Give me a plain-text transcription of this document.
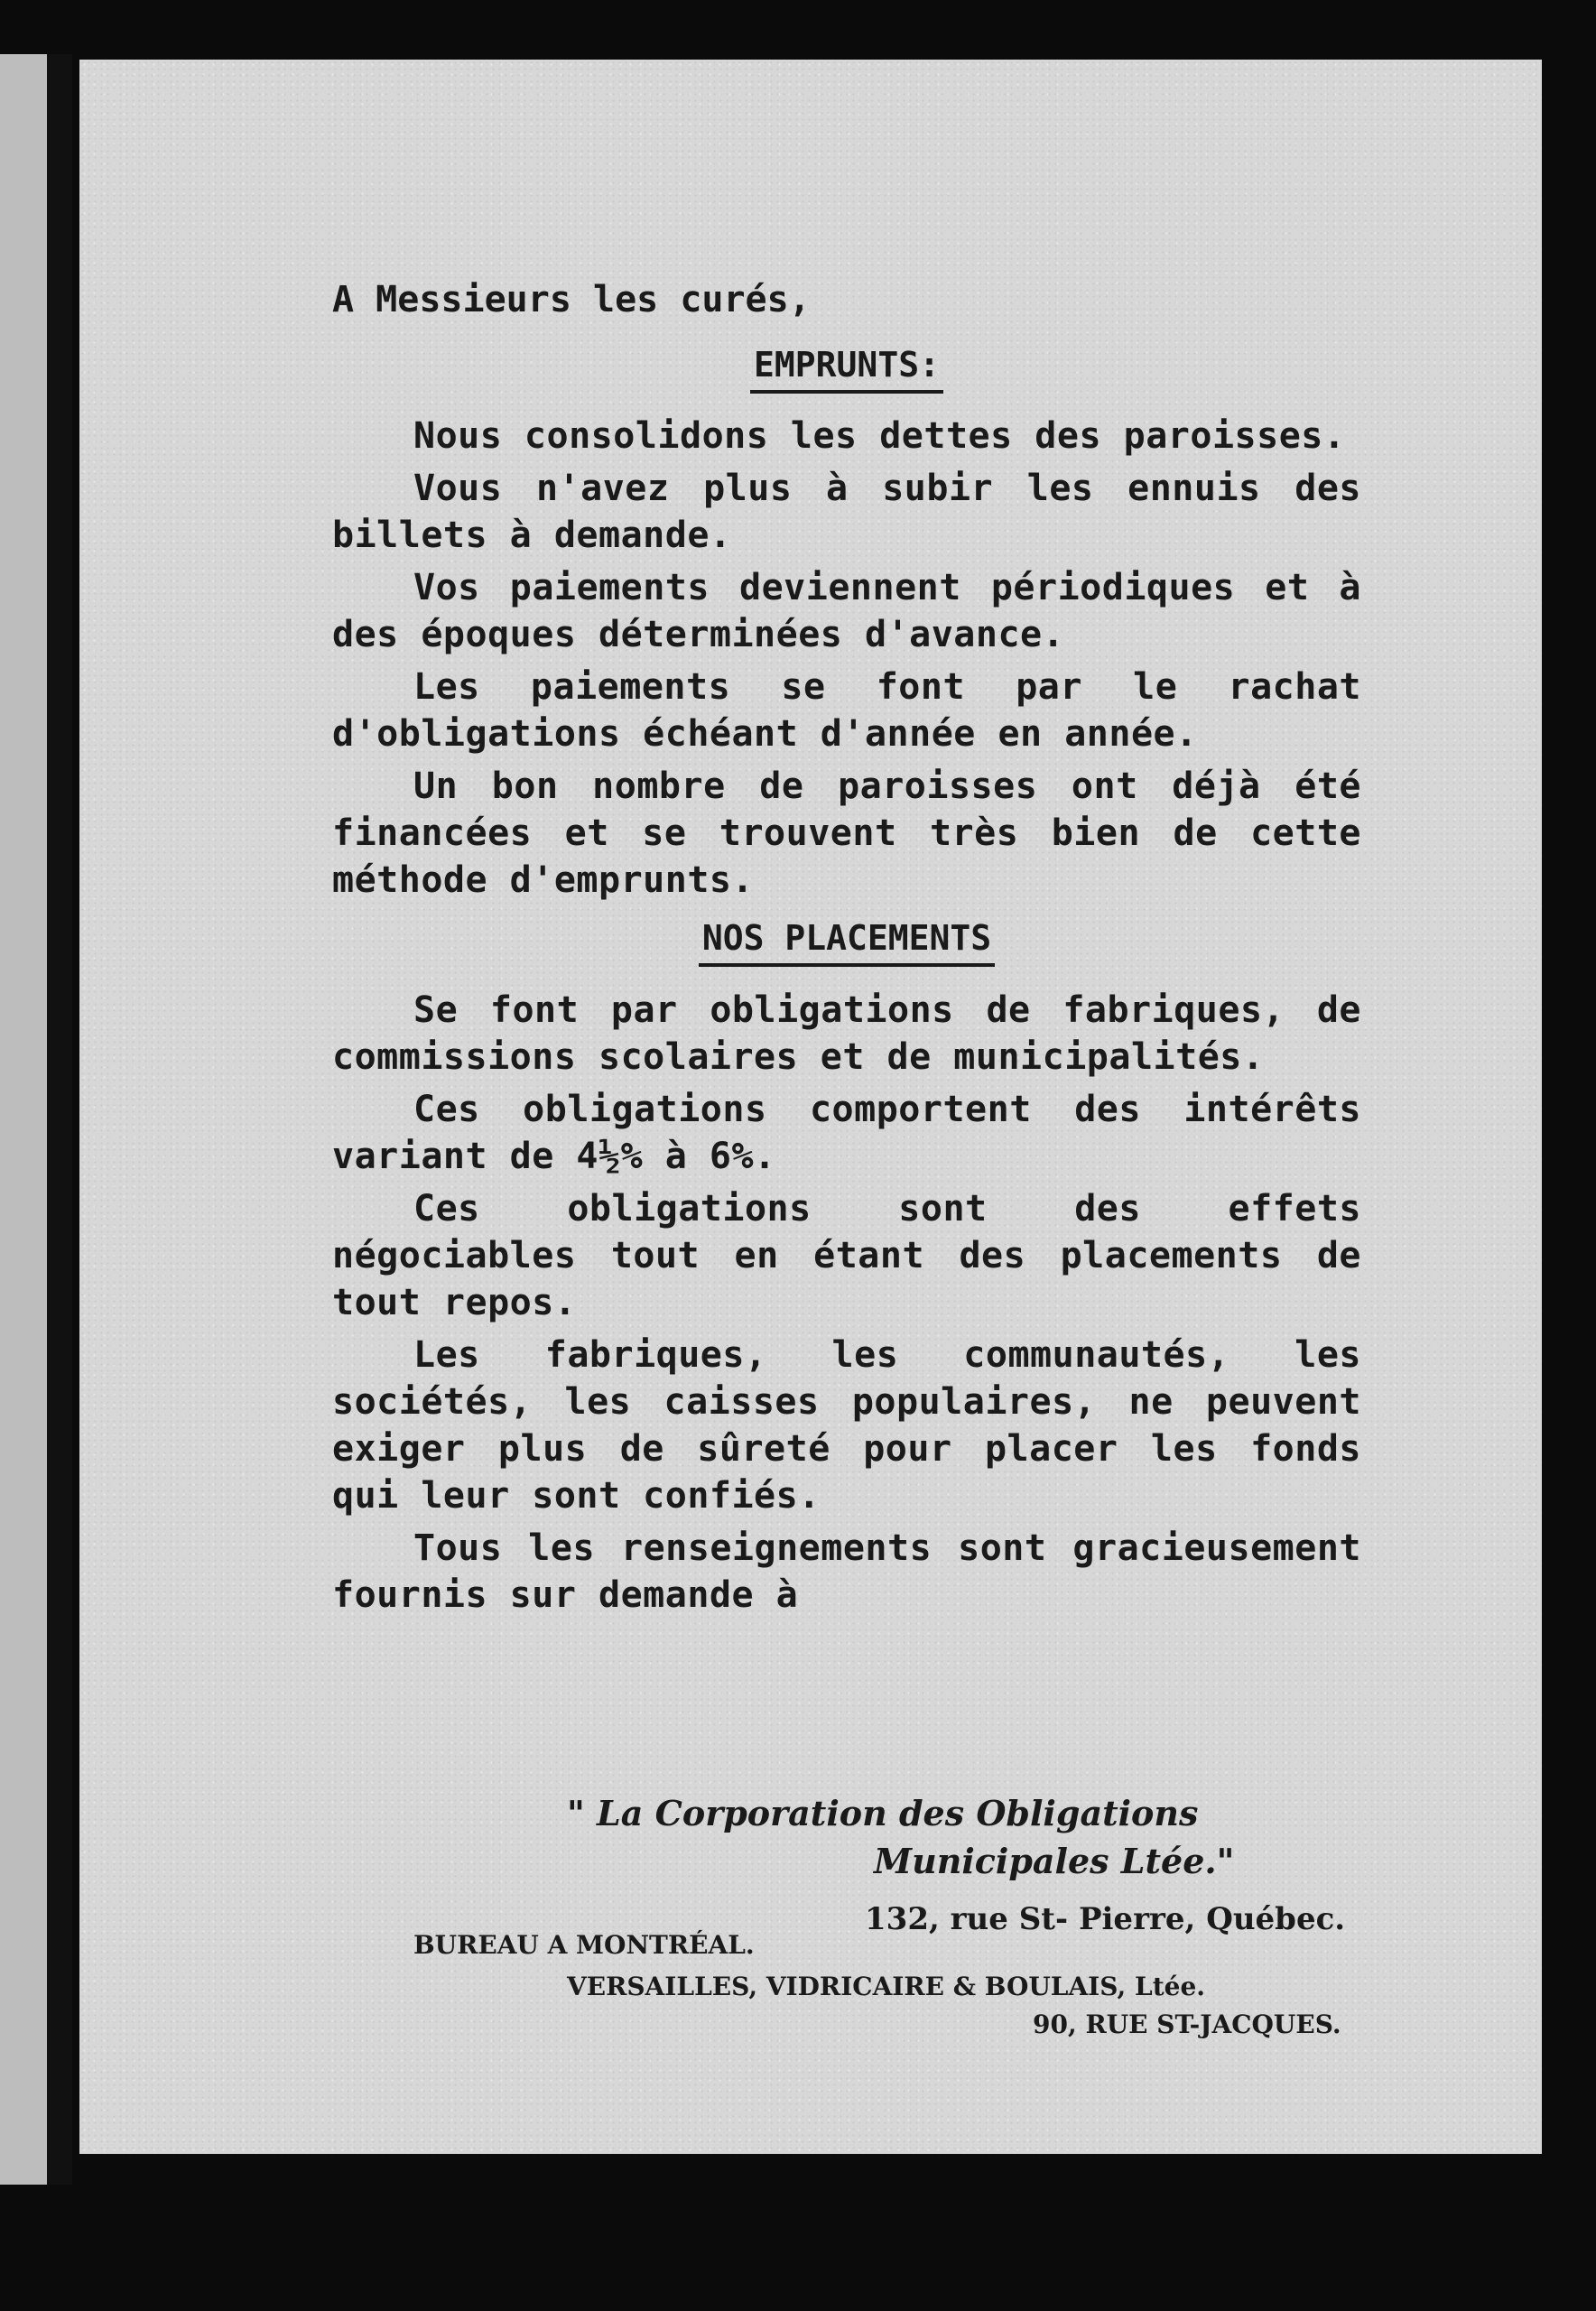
A Messieurs les curés,
EMPRUNTS:

Nous consolidons les dettes des paroisses.

Vous n'avez plus à subir les ennuis des billets à demande.

Vos paiements deviennent périodiques et à des époques déterminées d'avance.

Les paiements se font par le rachat d'obligations échéant d'année en année.

Un bon nombre de paroisses ont déjà été financées et se trouvent très bien de cette méthode d'emprunts.

NOS PLACEMENTS

Se font par obligations de fabriques, de commissions scolaires et de municipalités.

Ces obligations comportent des intérêts variant de 4½% à 6%.

Ces obligations sont des effets négociables tout en étant des placements de tout repos.

Les fabriques, les communautés, les sociétés, les caisses populaires, ne peuvent exiger plus de sûreté pour placer les fonds qui leur sont confiés.

Tous les renseignements sont gracieusement fournis sur demande à

" La Corporation des Obligations
Municipales Ltée."
132, rue St- Pierre, Québec.
BUREAU A MONTRÉAL.
VERSAILLES, VIDRICAIRE & BOULAIS, Ltée.
90, RUE ST-JACQUES.
